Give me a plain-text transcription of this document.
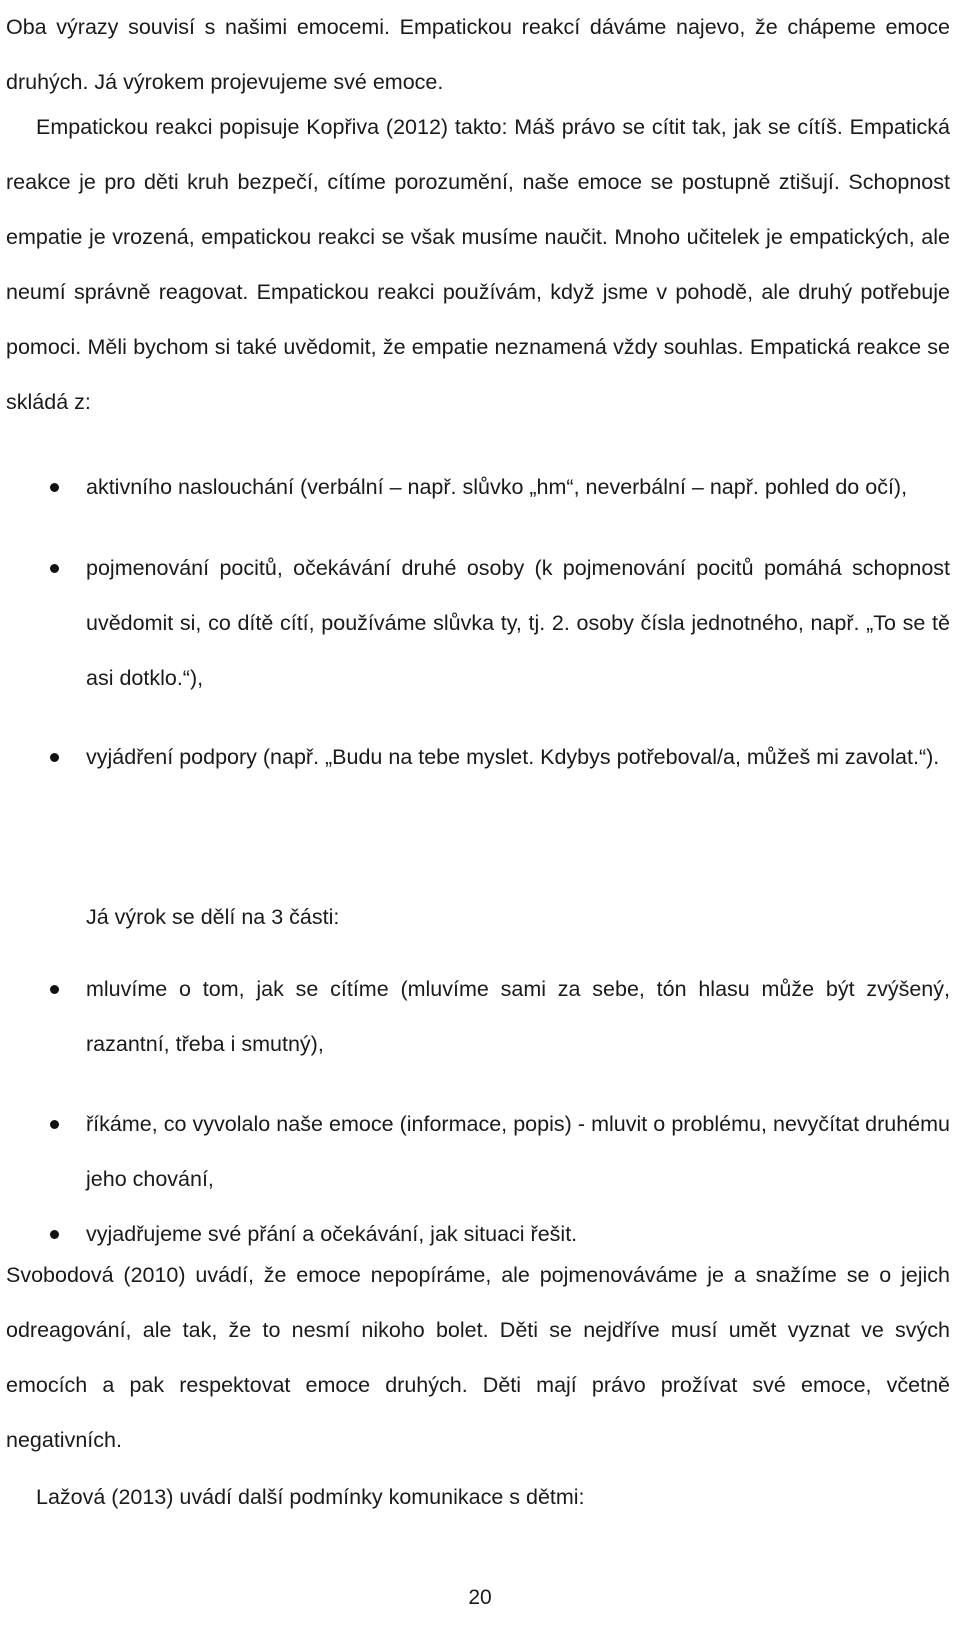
Oba výrazy souvisí s našimi emocemi. Empatickou reakcí dáváme najevo, že chápeme emoce druhých. Já výrokem projevujeme své emoce.

Empatickou reakci popisuje Kopřiva (2012) takto: Máš právo se cítit tak, jak se cítíš. Empatická reakce je pro děti kruh bezpečí, cítíme porozumění, naše emoce se postupně ztišují. Schopnost empatie je vrozená, empatickou reakci se však musíme naučit. Mnoho učitelek je empatických, ale neumí správně reagovat. Empatickou reakci používám, když jsme v pohodě, ale druhý potřebuje pomoci. Měli bychom si také uvědomit, že empatie neznamená vždy souhlas. Empatická reakce se skládá z:

aktivního naslouchání (verbální – např. slůvko „hm“, neverbální – např. pohled do očí),
pojmenování pocitů, očekávání druhé osoby (k pojmenování pocitů pomáhá schopnost uvědomit si, co dítě cítí, používáme slůvka ty, tj. 2. osoby čísla jednotného, např. „To se tě asi dotklo.“),
vyjádření podpory (např. „Budu na tebe myslet. Kdybys potřeboval/a, můžeš mi zavolat.“).

Já výrok se dělí na 3 části:

mluvíme o tom, jak se cítíme (mluvíme sami za sebe, tón hlasu může být zvýšený, razantní, třeba i smutný),
říkáme, co vyvolalo naše emoce (informace, popis) - mluvit o problému, nevyčítat druhému jeho chování,
vyjadřujeme své přání a očekávání, jak situaci řešit.

Svobodová (2010) uvádí, že emoce nepopíráme, ale pojmenováváme je a snažíme se o jejich odreagování, ale tak, že to nesmí nikoho bolet. Děti se nejdříve musí umět vyznat ve svých emocích a pak respektovat emoce druhých. Děti mají právo prožívat své emoce, včetně negativních.

Lažová (2013) uvádí další podmínky komunikace s dětmi:

20
